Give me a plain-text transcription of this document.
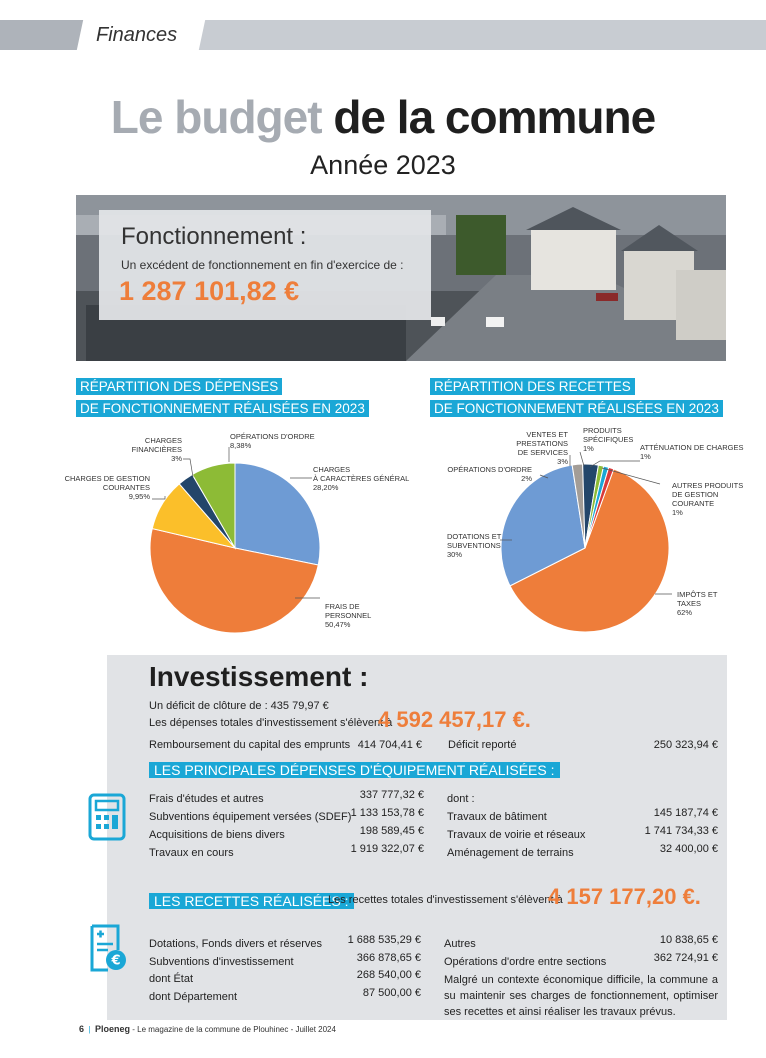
Finances
Le budget de la commune
Année 2023
Fonctionnement :
Un excédent de fonctionnement en fin d'exercice de :
1 287 101,82 €
RÉPARTITION DES DÉPENSES
DE FONCTIONNEMENT RÉALISÉES EN 2023
RÉPARTITION DES RECETTES
DE FONCTIONNEMENT RÉALISÉES EN 2023
CHARGES
FINANCIÈRES
3%
OPÉRATIONS D'ORDRE
8,38%
CHARGES DE GESTION
COURANTES
9,95%
CHARGES
À CARACTÈRES GÉNÉRAL
28,20%
FRAIS DE
PERSONNEL
50,47%
VENTES ET PRESTATIONS
DE SERVICES
3%
PRODUITS
SPÉCIFIQUES
1%	ATTÉNUATION DE CHARGES
1%
OPÉRATIONS D'ORDRE
2%
AUTRES PRODUITS
DE GESTION
COURANTE
1%
DOTATIONS ET
SUBVENTIONS
30%
IMPÔTS ET
TAXES
62%
Investissement :
Un déficit de clôture de : 435 79,97 €
Les dépenses totales d'investissement s'élèvent à
4 592 457,17 €.
Remboursement du capital des emprunts 414 704,41 € Déficit reporté	250 323,94 €
LES PRINCIPALES DÉPENSES D'ÉQUIPEMENT RÉALISÉES :
Frais d'études et autres	337 777,32 €
Subventions équipement versées (SDEF) 1 133 153,78 €
Acquisitions de biens divers	198 589,45 €
Travaux en cours	1 919 322,07 €
dont :
Travaux de bâtiment	145 187,74 €
Travaux de voirie et réseaux	1 741 734,33 €
Aménagement de terrains	32 400,00 €
LES RECETTES RÉALISÉES :
Les recettes totales d'investissement s'élèvent à
4 157 177,20 €.
€
Dotations, Fonds divers et réserves 1 688 535,29 €
Subventions d'investissement	366 878,65 €
dont État	268 540,00 €
dont Département	87 500,00 €
Autres	10 838,65 €
Opérations d'ordre entre sections	362 724,91 €
Malgré un contexte économique difficile, la commune a su maintenir ses charges de fonctionnement, optimiser ses recettes et ainsi réaliser les travaux prévus.
6  |  Ploeneg - Le magazine de la commune de Plouhinec - Juillet 2024
